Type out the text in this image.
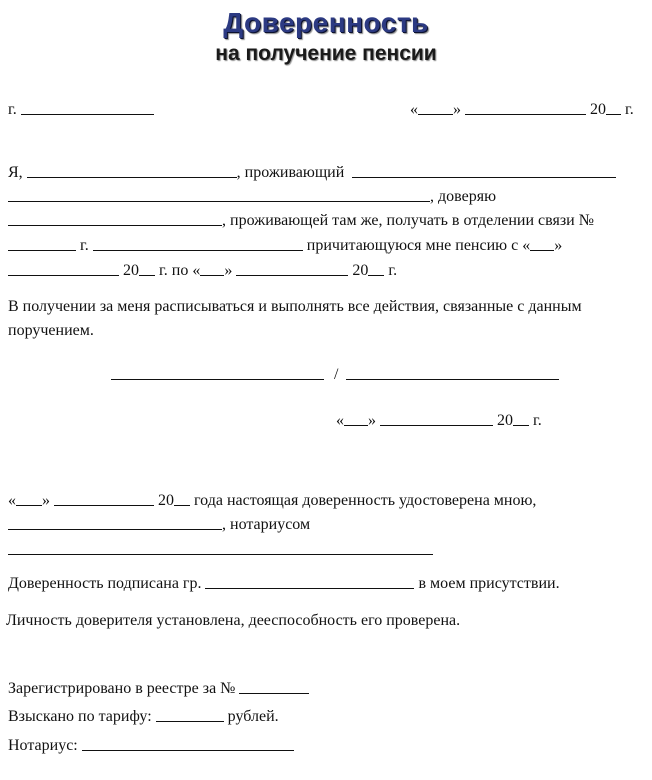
Доверенность
на получение пенсии
г.	« »	20 г.
Я,	, проживающий
, доверяю
, проживающей там же, получать в отделении связи №
г.	причитающуюся мне пенсию с « »
20 г. по « »	20 г.
В получении за меня расписываться и выполнять все действия, связанные с данным
поручением.
/
« »	20 г.
« »	20 года настоящая доверенность удостоверена мною,
, нотариусом
Доверенность подписана гр.	в моем присутствии.
Личность доверителя установлена, дееспособность его проверена.
Зарегистрировано в реестре за №
Взыскано по тарифу:	рублей.
Нотариус:
